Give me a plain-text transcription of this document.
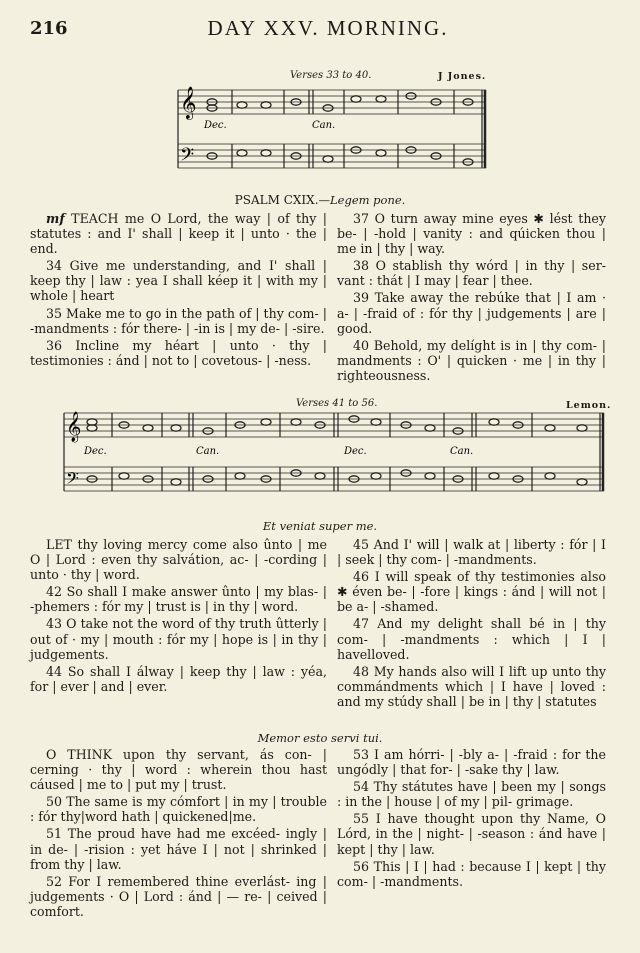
216	DAY XXV. MORNING.
Verses 33 to 40.	J Jones.
𝄞
𝄢
Dec.	Can.
PSALM CXIX.—Legem pone.

mf TEACH me O Lord, the way | of thy | statutes : and I' shall | keep it | unto · the | end.

34 Give me understanding, and I' shall | keep thy | law : yea I shall kéep it | with my | whole | heart

35 Make me to go in the path of | thy com- | -mandments : fór there- | -in is | my de- | -sire.

36 Incline my héart | unto · thy | testimonies : ánd | not to | covetous- | -ness.

37 O turn away mine eyes ✱ lést they be- | -hold | vanity : and qúicken thou | me in | thy | way.

38 O stablish thy wórd | in thy | ser- vant : thát | I may | fear | thee.

39 Take away the rebúke that | I am · a- | -fraid of : fór thy | judgements | are | good.

40 Behold, my delíght is in | thy com- | mandments : O' | quicken · me | in thy | righteousness.

Verses 41 to 56.	Lemon.
𝄞
𝄢
Dec.	Can.	Dec.	Can.
Et veniat super me.

LET thy loving mercy come also ûnto | me O | Lord : even thy salvátion, ac- | -cording | unto · thy | word.

42 So shall I make answer ûnto | my blas- | -phemers : fór my | trust is | in thy | word.

43 O take not the word of thy truth ûtterly | out of · my | mouth : fór my | hope is | in thy | judgements.

44 So shall I álway | keep thy | law : yéa, for | ever | and | ever.

45 And I' will | walk at | liberty : fór | I | seek | thy com- | -mandments.

46 I will speak of thy testimonies also ✱ éven be- | -fore | kings : ánd | will not | be a- | -shamed.

47 And my delight shall bé in | thy com- | -mandments : which | I | havelloved.

48 My hands also will I lift up unto thy commándments which | I have | loved : and my stúdy shall | be in | thy | statutes

Memor esto servi tui.

O THINK upon thy servant, ás con- | cerning · thy | word : wherein thou hast cáused | me to | put my | trust.

50 The same is my cómfort | in my | trouble : fór thy|word hath | quickened|me.

51 The proud have had me excéed- ingly | in de- | -rision : yet háve I | not | shrinked | from thy | law.

52 For I remembered thine everlást- ing | judgements · O | Lord : ánd | — re- | ceived | comfort.

53 I am hórri- | -bly a- | -fraid : for the ungódly | that for- | -sake thy | law.

54 Thy státutes have | been my | songs : in the | house | of my | pil- grimage.

55 I have thought upon thy Name, O Lórd, in the | night- | -season : ánd have | kept | thy | law.

56 This | I | had : because I | kept | thy com- | -mandments.
